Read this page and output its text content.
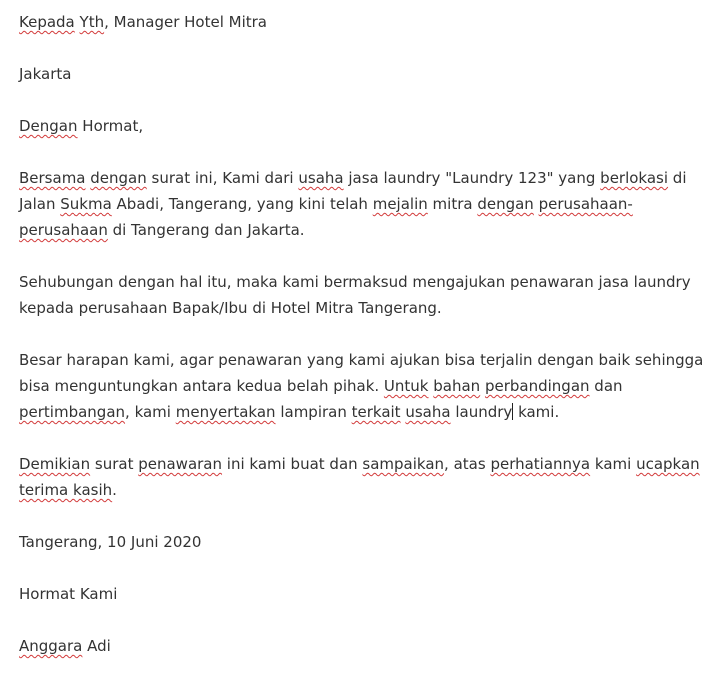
Kepada Yth, Manager Hotel Mitra

Jakarta

Dengan Hormat,

Bersama dengan surat ini, Kami dari usaha jasa laundry "Laundry 123" yang berlokasi di Jalan Sukma Abadi, Tangerang, yang kini telah mejalin mitra dengan perusahaan-perusahaan di Tangerang dan Jakarta.

Sehubungan dengan hal itu, maka kami bermaksud mengajukan penawaran jasa laundry kepada perusahaan Bapak/Ibu di Hotel Mitra Tangerang.

Besar harapan kami, agar penawaran yang kami ajukan bisa terjalin dengan baik sehingga bisa menguntungkan antara kedua belah pihak. Untuk bahan perbandingan dan pertimbangan, kami menyertakan lampiran terkait usaha laundry kami.

Demikian surat penawaran ini kami buat dan sampaikan, atas perhatiannya kami ucapkan terima kasih.

Tangerang, 10 Juni 2020

Hormat Kami

Anggara Adi
